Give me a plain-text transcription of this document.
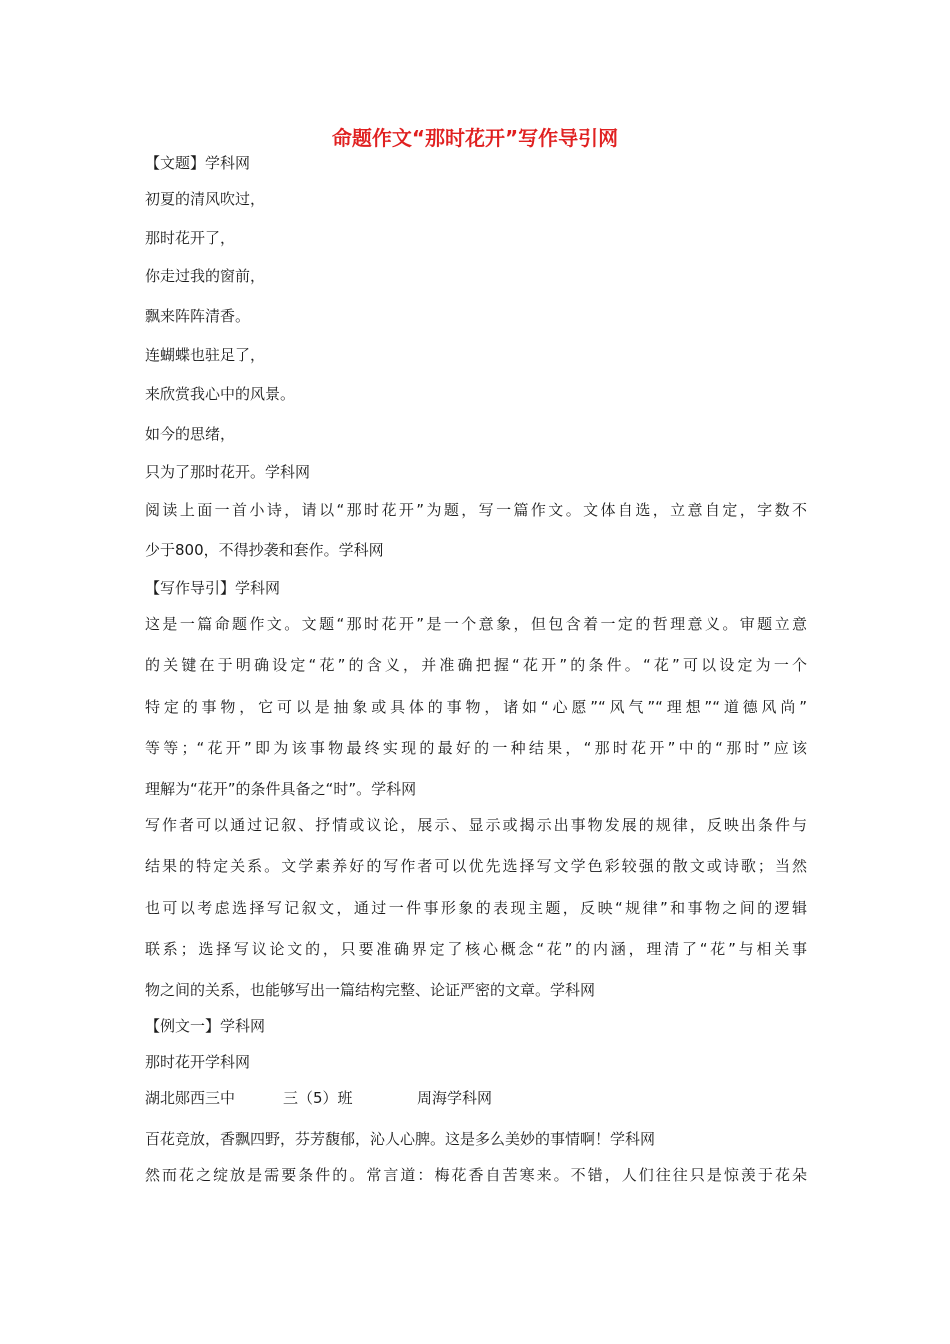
命题作文“那时花开”写作导引网

【文题】学科网

初夏的清风吹过，

那时花开了，

你走过我的窗前，

飘来阵阵清香。

连蝴蝶也驻足了，

来欣赏我心中的风景。

如今的思绪，

只为了那时花开。学科网

阅读上面一首小诗，请以“那时花开”为题，写一篇作文。文体自选，立意自定，字数不

少于800，不得抄袭和套作。学科网

【写作导引】学科网

这是一篇命题作文。文题“那时花开”是一个意象，但包含着一定的哲理意义。审题立意

的关键在于明确设定“花”的含义，并准确把握“花开”的条件。“花”可以设定为一个

特定的事物，它可以是抽象或具体的事物，诸如“心愿”“风气”“理想”“道德风尚”

等等；“花开”即为该事物最终实现的最好的一种结果，“那时花开”中的“那时”应该

理解为“花开”的条件具备之“时”。学科网

写作者可以通过记叙、抒情或议论，展示、显示或揭示出事物发展的规律，反映出条件与

结果的特定关系。文学素养好的写作者可以优先选择写文学色彩较强的散文或诗歌；当然

也可以考虑选择写记叙文，通过一件事形象的表现主题，反映“规律”和事物之间的逻辑

联系；选择写议论文的，只要准确界定了核心概念“花”的内涵，理清了“花”与相关事

物之间的关系，也能够写出一篇结构完整、论证严密的文章。学科网

【例文一】学科网

那时花开学科网

湖北郧西三中	三（5）班	周海学科网

百花竞放，香飘四野，芬芳馥郁，沁人心脾。这是多么美妙的事情啊！学科网

然而花之绽放是需要条件的。常言道：梅花香自苦寒来。不错，人们往往只是惊羡于花朵
